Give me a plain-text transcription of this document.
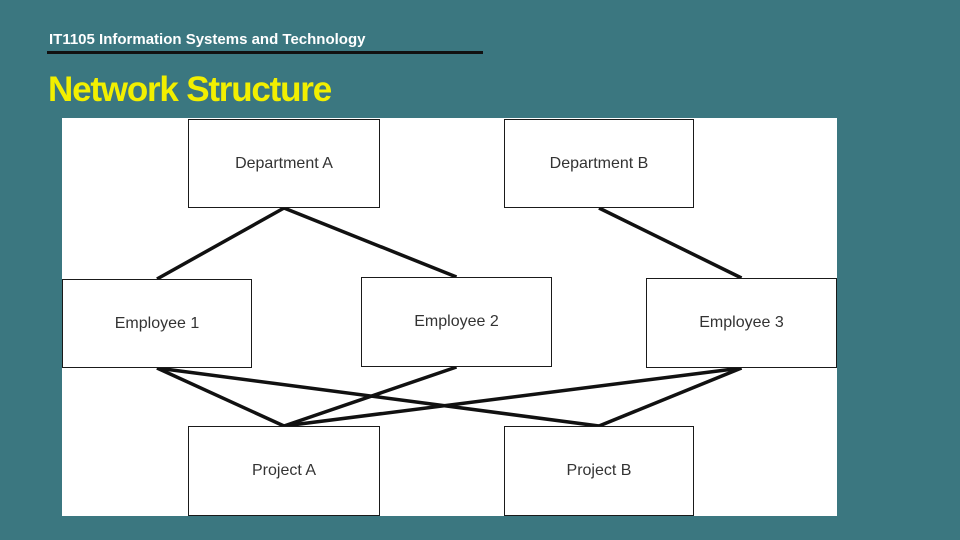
IT1105 Information Systems and Technology
Network Structure
Department A	Department B
Employee 1	Employee 2	Employee 3
Project A	Project B
